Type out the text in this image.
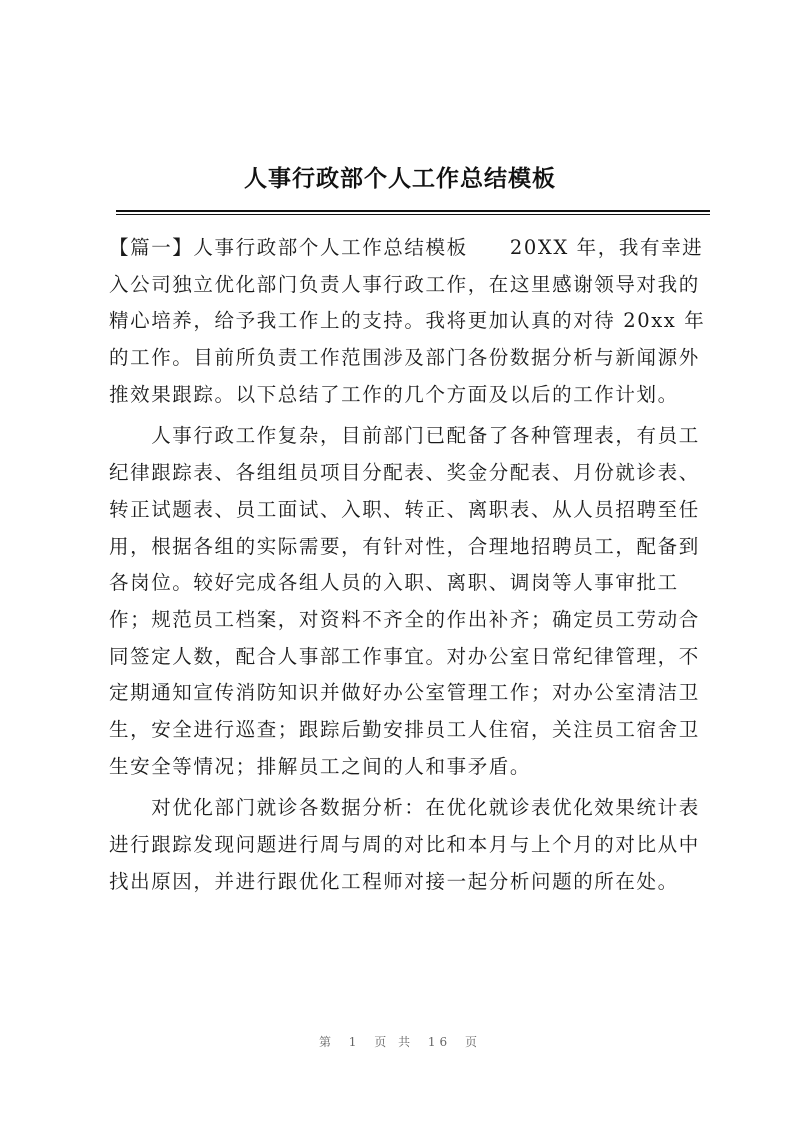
人事行政部个人工作总结模板
【篇一】人事行政部个人工作总结模板　　20XX 年，我有幸进
入公司独立优化部门负责人事行政工作，在这里感谢领导对我的
精心培养，给予我工作上的支持。我将更加认真的对待 20xx 年
的工作。目前所负责工作范围涉及部门各份数据分析与新闻源外
推效果跟踪。以下总结了工作的几个方面及以后的工作计划。
　　人事行政工作复杂，目前部门已配备了各种管理表，有员工
纪律跟踪表、各组组员项目分配表、奖金分配表、月份就诊表、
转正试题表、员工面试、入职、转正、离职表、从人员招聘至任
用，根据各组的实际需要，有针对性，合理地招聘员工，配备到
各岗位。较好完成各组人员的入职、离职、调岗等人事审批工
作；规范员工档案，对资料不齐全的作出补齐；确定员工劳动合
同签定人数，配合人事部工作事宜。对办公室日常纪律管理，不
定期通知宣传消防知识并做好办公室管理工作；对办公室清洁卫
生，安全进行巡查；跟踪后勤安排员工人住宿，关注员工宿舍卫
生安全等情况；排解员工之间的人和事矛盾。
　　对优化部门就诊各数据分析：在优化就诊表优化效果统计表
进行跟踪发现问题进行周与周的对比和本月与上个月的对比从中
找出原因，并进行跟优化工程师对接一起分析问题的所在处。
第 1 页 共 16 页
